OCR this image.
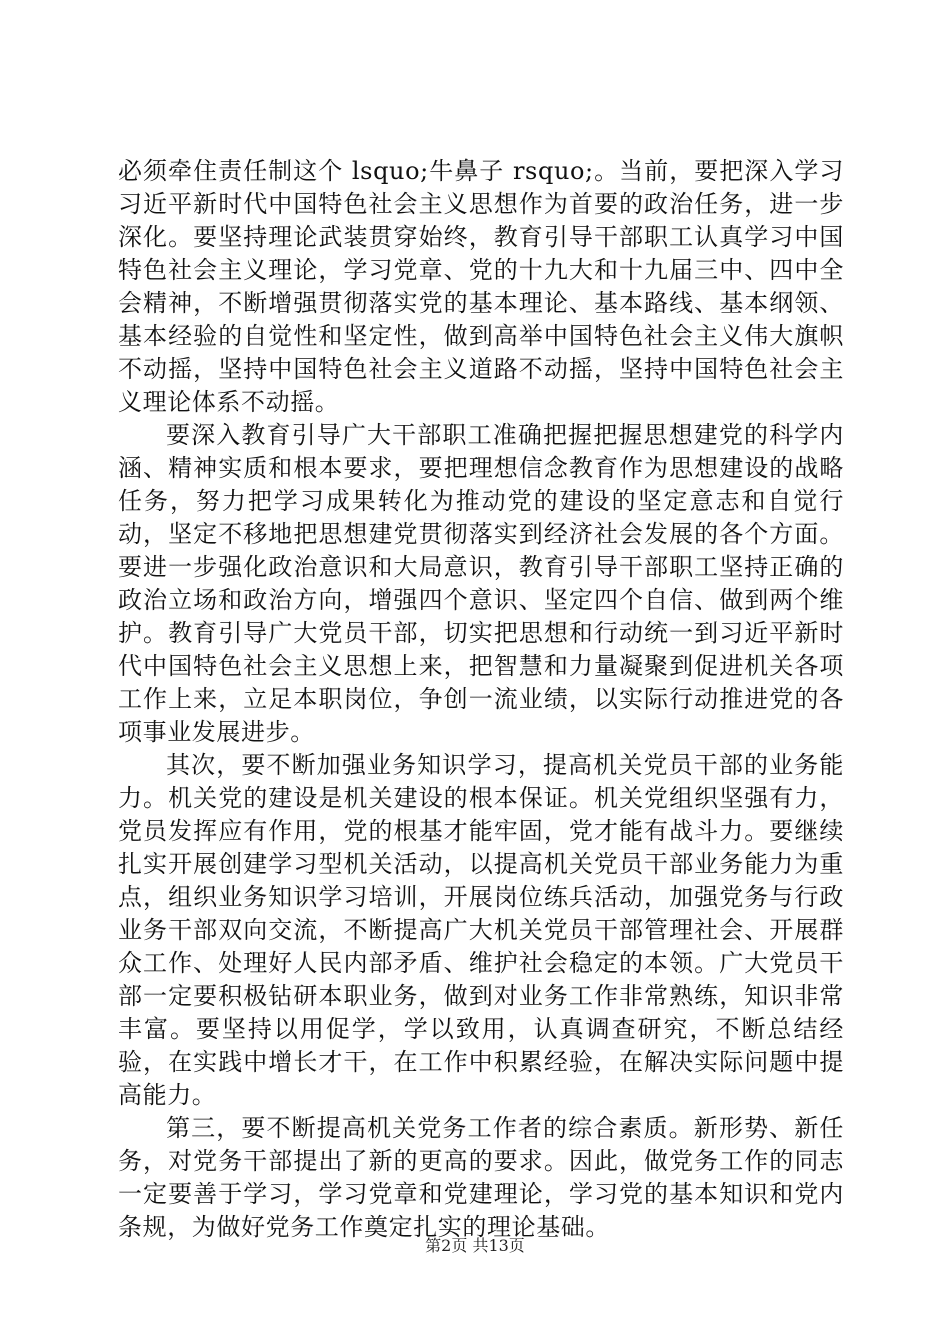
必须牵住责任制这个 lsquo;牛鼻子 rsquo;。当前，要把深入学习习近平新时代中国特色社会主义思想作为首要的政治任务，进一步深化。要坚持理论武装贯穿始终，教育引导干部职工认真学习中国特色社会主义理论，学习党章、党的十九大和十九届三中、四中全会精神，不断增强贯彻落实党的基本理论、基本路线、基本纲领、基本经验的自觉性和坚定性，做到高举中国特色社会主义伟大旗帜不动摇，坚持中国特色社会主义道路不动摇，坚持中国特色社会主义理论体系不动摇。

要深入教育引导广大干部职工准确把握把握思想建党的科学内涵、精神实质和根本要求，要把理想信念教育作为思想建设的战略任务，努力把学习成果转化为推动党的建设的坚定意志和自觉行动，坚定不移地把思想建党贯彻落实到经济社会发展的各个方面。要进一步强化政治意识和大局意识，教育引导干部职工坚持正确的政治立场和政治方向，增强四个意识、坚定四个自信、做到两个维护。教育引导广大党员干部，切实把思想和行动统一到习近平新时代中国特色社会主义思想上来，把智慧和力量凝聚到促进机关各项工作上来，立足本职岗位，争创一流业绩，以实际行动推进党的各项事业发展进步。

其次，要不断加强业务知识学习，提高机关党员干部的业务能力。机关党的建设是机关建设的根本保证。机关党组织坚强有力，党员发挥应有作用，党的根基才能牢固，党才能有战斗力。要继续扎实开展创建学习型机关活动，以提高机关党员干部业务能力为重点，组织业务知识学习培训，开展岗位练兵活动，加强党务与行政业务干部双向交流，不断提高广大机关党员干部管理社会、开展群众工作、处理好人民内部矛盾、维护社会稳定的本领。广大党员干部一定要积极钻研本职业务，做到对业务工作非常熟练，知识非常丰富。要坚持以用促学，学以致用，认真调查研究，不断总结经验，在实践中增长才干，在工作中积累经验，在解决实际问题中提高能力。

第三，要不断提高机关党务工作者的综合素质。新形势、新任务，对党务干部提出了新的更高的要求。因此，做党务工作的同志一定要善于学习，学习党章和党建理论，学习党的基本知识和党内条规，为做好党务工作奠定扎实的理论基础。

第2页 共13页
